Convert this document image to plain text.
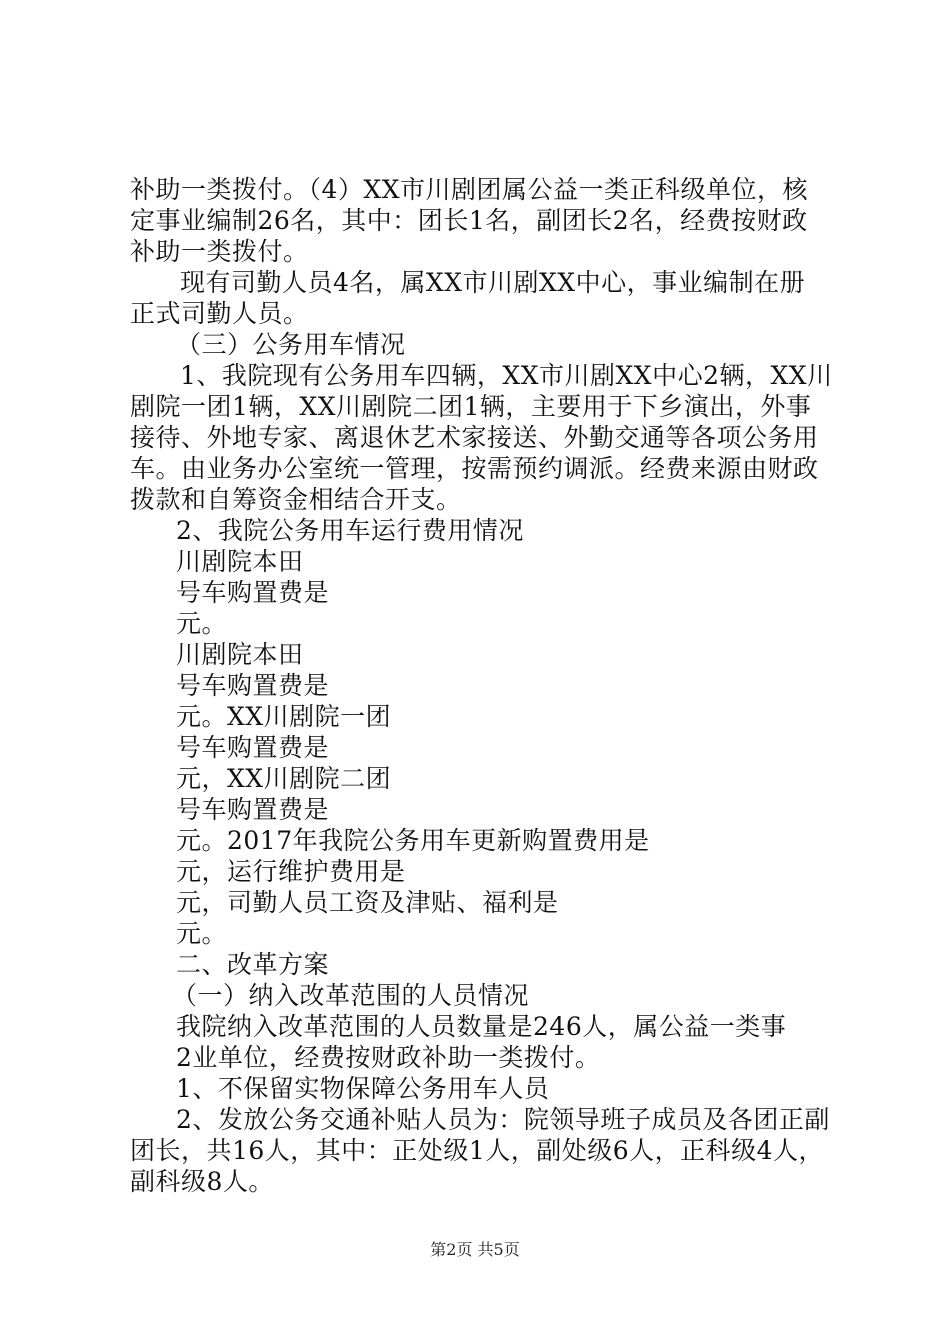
补助一类拨付。（4）XX市川剧团属公益一类正科级单位，核
定事业编制26名，其中：团长1名，副团长2名，经费按财政
补助一类拨付。
现有司勤人员4名，属XX市川剧XX中心，事业编制在册
正式司勤人员。
（三）公务用车情况
1、我院现有公务用车四辆，XX市川剧XX中心2辆，XX川
剧院一团1辆，XX川剧院二团1辆，主要用于下乡演出，外事
接待、外地专家、离退休艺术家接送、外勤交通等各项公务用
车。由业务办公室统一管理，按需预约调派。经费来源由财政
拨款和自筹资金相结合开支。
2、我院公务用车运行费用情况
川剧院本田
号车购置费是
元。
川剧院本田
号车购置费是
元。XX川剧院一团
号车购置费是
元，XX川剧院二团
号车购置费是
元。2017年我院公务用车更新购置费用是
元，运行维护费用是
元，司勤人员工资及津贴、福利是
元。
二、改革方案
（一）纳入改革范围的人员情况
我院纳入改革范围的人员数量是246人，属公益一类事
2业单位，经费按财政补助一类拨付。
1、不保留实物保障公务用车人员
2、发放公务交通补贴人员为：院领导班子成员及各团正副
团长，共16人，其中：正处级1人，副处级6人，正科级4人，
副科级8人。
第2页 共5页
